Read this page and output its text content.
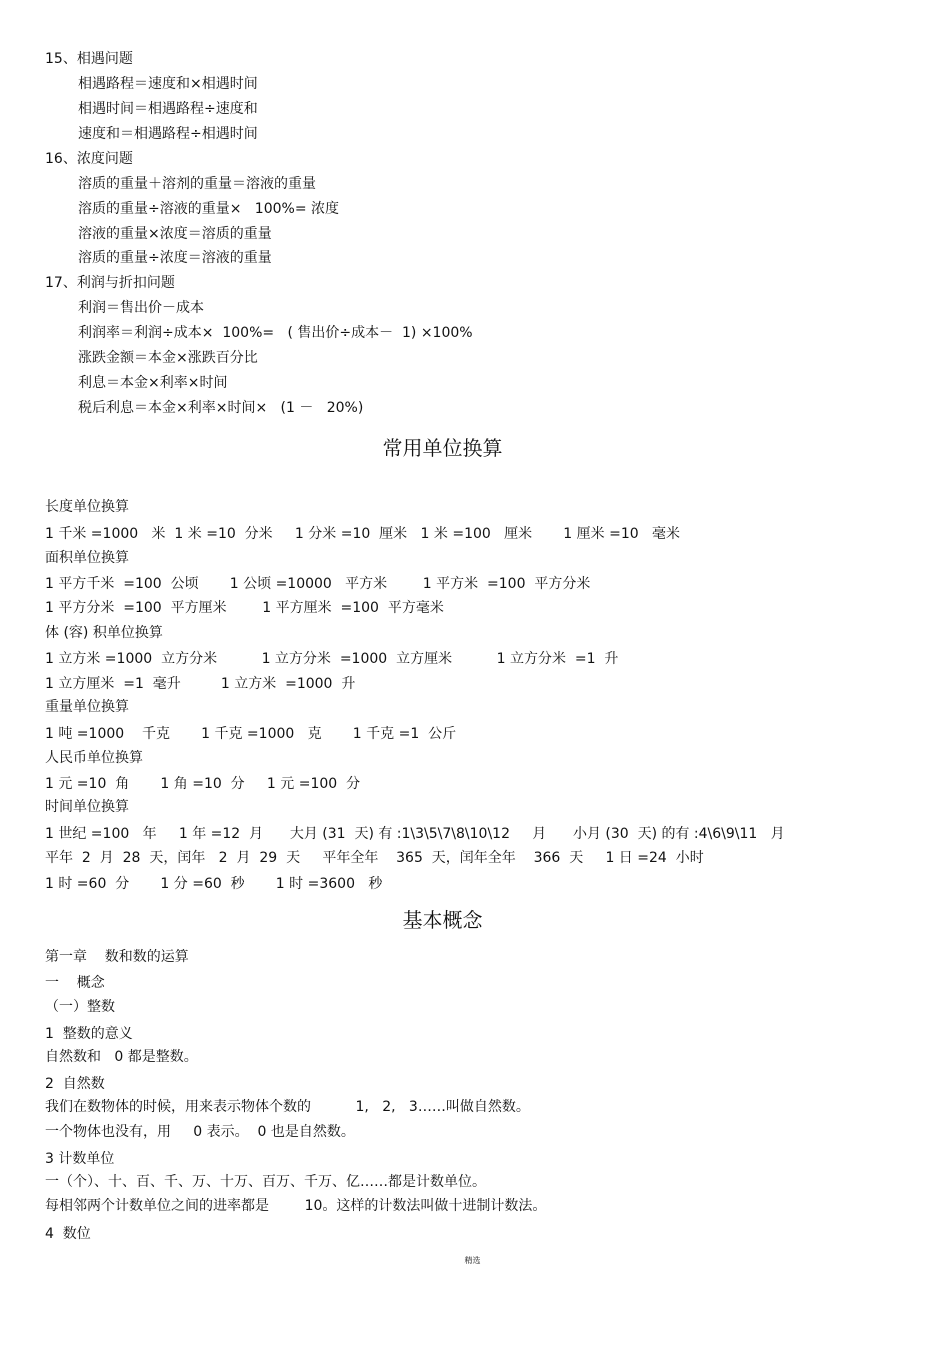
15、相遇问题
相遇路程＝速度和×相遇时间
相遇时间＝相遇路程÷速度和
速度和＝相遇路程÷相遇时间
16、浓度问题
溶质的重量＋溶剂的重量＝溶液的重量
溶质的重量÷溶液的重量×   100%= 浓度
溶液的重量×浓度＝溶质的重量
溶质的重量÷浓度＝溶液的重量
17、利润与折扣问题
利润＝售出价－成本
利润率＝利润÷成本×  100%=   ( 售出价÷成本－  1) ×100%
涨跌金额＝本金×涨跌百分比
利息＝本金×利率×时间
税后利息＝本金×利率×时间×   (1 －   20%)
常用单位换算
长度单位换算
1 千米 =1000   米  1 米 =10  分米     1 分米 =10  厘米   1 米 =100   厘米       1 厘米 =10   毫米
面积单位换算
1 平方千米  =100  公顷       1 公顷 =10000   平方米        1 平方米  =100  平方分米
1 平方分米  =100  平方厘米        1 平方厘米  =100  平方毫米
体 (容) 积单位换算
1 立方米 =1000  立方分米          1 立方分米  =1000  立方厘米          1 立方分米  =1  升
1 立方厘米  =1  毫升         1 立方米  =1000  升
重量单位换算
1 吨 =1000    千克       1 千克 =1000   克       1 千克 =1  公斤
人民币单位换算
1 元 =10  角       1 角 =10  分     1 元 =100  分
时间单位换算
1 世纪 =100   年     1 年 =12  月      大月 (31  天) 有 :1\3\5\7\8\10\12     月      小月 (30  天) 的有 :4\6\9\11   月
平年  2  月  28  天，闰年   2  月  29  天     平年全年    365  天，闰年全年    366  天     1 日 =24  小时
1 时 =60  分       1 分 =60  秒       1 时 =3600   秒
基本概念
第一章    数和数的运算
一    概念
（一）整数
1  整数的意义
自然数和   0 都是整数。
2  自然数
我们在数物体的时候，用来表示物体个数的          1,   2,   3……叫做自然数。
一个物体也没有，用     0 表示。  0 也是自然数。
3 计数单位
一（个）、十、百、千、万、十万、百万、千万、亿……都是计数单位。
每相邻两个计数单位之间的进率都是        10。这样的计数法叫做十进制计数法。
4  数位
精选
